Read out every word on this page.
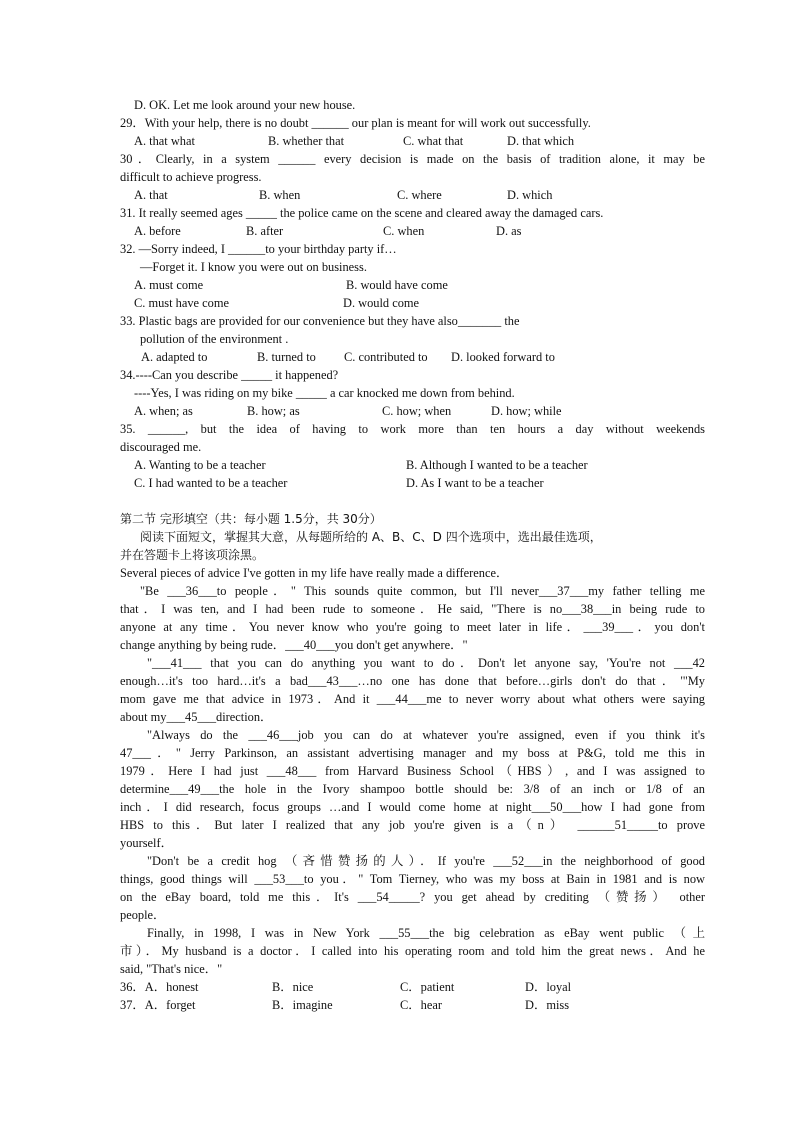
D. OK. Let me look around your new house.
29．With your help, there is no doubt ______ our plan is meant for will work out successfully.
A. that what	B. whether that	C. what that	D. that which
30．Clearly, in a system ______ every decision is made on the basis of tradition alone, it may be
difficult to achieve progress.
A. that	B. when	C. where	D. which
31. It really seemed ages _____ the police came on the scene and cleared away the damaged cars.
A. before	B. after	C. when	D. as
32. —Sorry indeed, I ______to your birthday party if…
—Forget it. I know you were out on business.
A. must come	B. would have come
C. must have come	D. would come
33. Plastic bags are provided for our convenience but they have also_______ the
pollution of the environment .
A. adapted to	B. turned to C. contributed to D. looked forward to
34.----Can you describe _____ it happened?
----Yes, I was riding on my bike _____ a car knocked me down from behind.
A. when; as	B. how; as	C. how; when	D. how; while
35. ______, but the idea of having to work more than ten hours a day without weekends
discouraged me.
A. Wanting to be a teacher	B. Although I wanted to be a teacher
C. I had wanted to be a teacher	D. As I want to be a teacher

第二节 完形填空（共：每小题 1.5分，共 30分）
阅读下面短文，掌握其大意，从每题所给的 A、B、C、D 四个选项中，选出最佳选项，
并在答题卡上将该项涂黑。
Several pieces of advice I've gotten in my life have really made a difference．
"Be ___36___to people．" This sounds quite common, but I'll never___37___my father telling me
that．I was ten, and I had been rude to someone．He said, "There is no___38___in being rude to
anyone at any time．You never know who you're going to meet later in life．___39___．you don't
change anything by being rude．___40___you don't get anywhere．"
"___41___ that you can do anything you want to do．Don't let anyone say, 'You're not ___42
enough…it's too hard…it's a bad___43___…no one has done that before…girls don't do that．'"My
mom gave me that advice in 1973．And it ___44___me to never worry about what others were saying
about my___45___direction．
"Always do the ___46___job you can do at whatever you're assigned, even if you think it's
47___．" Jerry Parkinson, an assistant advertising manager and my boss at P&G, told me this in
1979．Here I had just ___48___ from Harvard Business School（HBS）, and I was assigned to
determine___49___the hole in the Ivory shampoo bottle should be: 3/8 of an inch or 1/8 of an
inch．I did research, focus groups …and I would come home at night___50___how I had gone from
HBS to this．But later I realized that any job you're given is a（n） ______51_____to prove
yourself．
"Don't be a credit hog （吝惜赞扬的人）．If you're ___52___in the neighborhood of good
things, good things will ___53___to you．" Tom Tierney, who was my boss at Bain in 1981 and is now
on the eBay board, told me this．It's ___54_____? you get ahead by crediting （赞扬） other
people．
Finally, in 1998, I was in New York ___55___the big celebration as eBay went public （上
市）．My husband is a doctor．I called into his operating room and told him the great news．And he
said, "That's nice．"
36．A．honest	B．nice	C．patient	D．loyal
37．A．forget	B．imagine	C．hear	D．miss
